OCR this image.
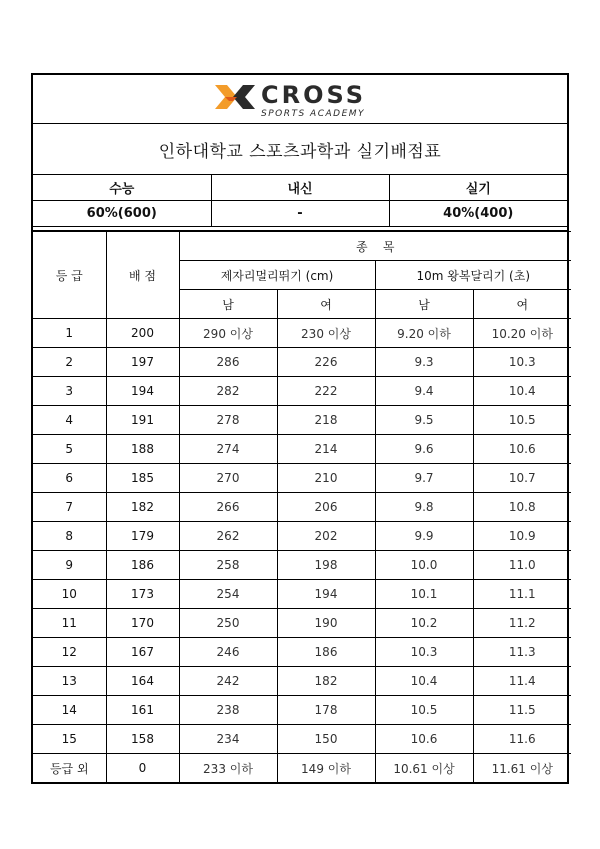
CROSS
SPORTS ACADEMY
인하대학교 스포츠과학과 실기배점표
수능	내신	실기
60%(600)	-	40%(400)
등 급	배 점	종    목			
		제자리멀리뛰기 (cm)		10m 왕복달리기 (초)	
		남	여	남	여
1	200	290 이상	230 이상	9.20 이하	10.20 이하
2	197	286	226	9.3	10.3
3	194	282	222	9.4	10.4
4	191	278	218	9.5	10.5
5	188	274	214	9.6	10.6
6	185	270	210	9.7	10.7
7	182	266	206	9.8	10.8
8	179	262	202	9.9	10.9
9	186	258	198	10.0	11.0
10	173	254	194	10.1	11.1
11	170	250	190	10.2	11.2
12	167	246	186	10.3	11.3
13	164	242	182	10.4	11.4
14	161	238	178	10.5	11.5
15	158	234	150	10.6	11.6
등급 외	0	233 이하	149 이하	10.61 이상	11.61 이상
